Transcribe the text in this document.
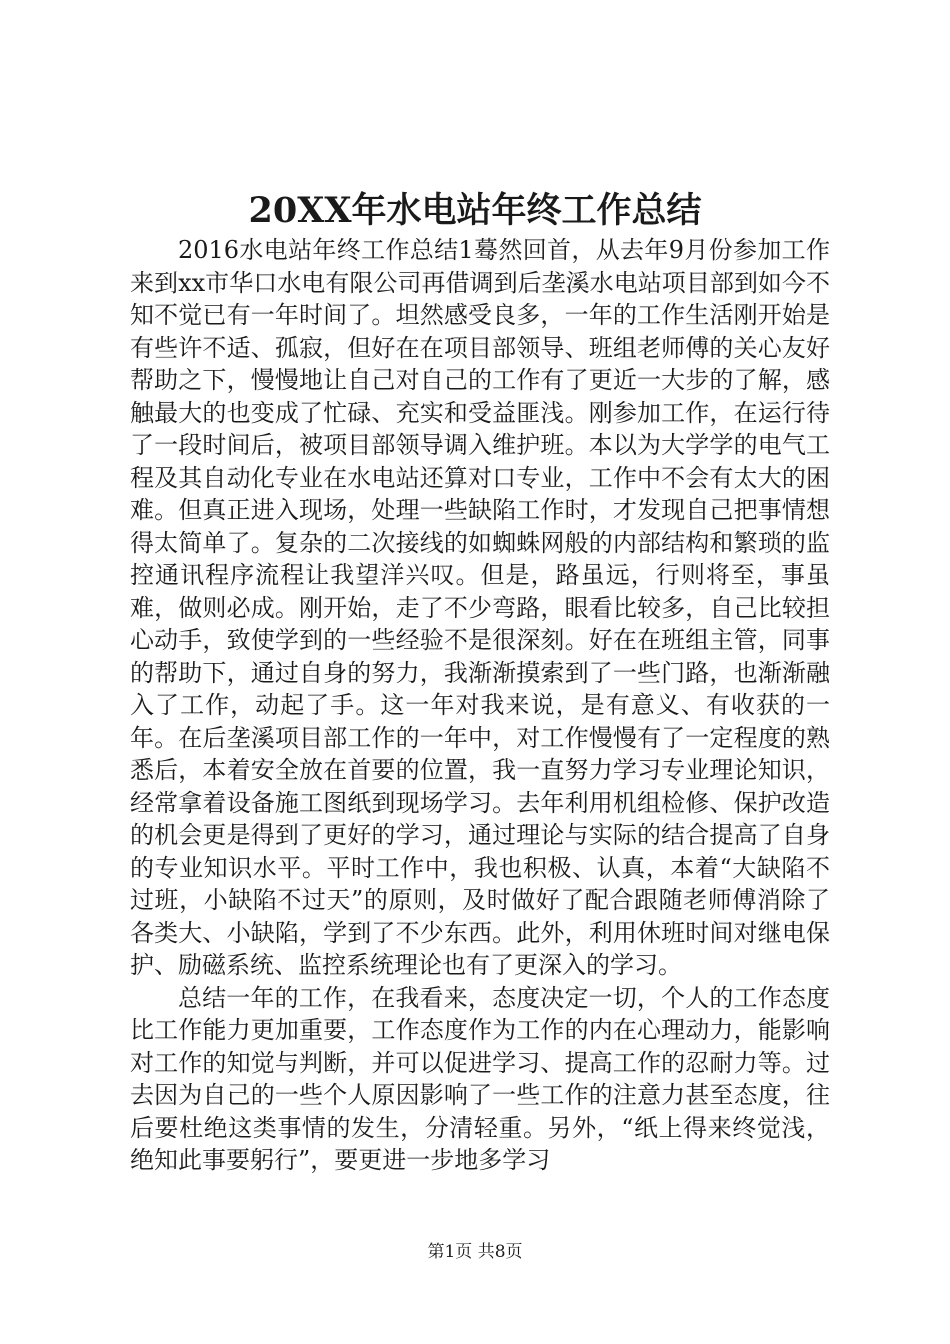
20XX年水电站年终工作总结

2016水电站年终工作总结1蓦然回首，从去年9月份参加工作来到xx市华口水电有限公司再借调到后垄溪水电站项目部到如今不知不觉已有一年时间了。坦然感受良多，一年的工作生活刚开始是有些许不适、孤寂，但好在在项目部领导、班组老师傅的关心友好帮助之下，慢慢地让自己对自己的工作有了更近一大步的了解，感触最大的也变成了忙碌、充实和受益匪浅。刚参加工作，在运行待了一段时间后，被项目部领导调入维护班。本以为大学学的电气工程及其自动化专业在水电站还算对口专业，工作中不会有太大的困难。但真正进入现场，处理一些缺陷工作时，才发现自己把事情想得太简单了。复杂的二次接线的如蜘蛛网般的内部结构和繁琐的监控通讯程序流程让我望洋兴叹。但是，路虽远，行则将至，事虽难，做则必成。刚开始，走了不少弯路，眼看比较多，自己比较担心动手，致使学到的一些经验不是很深刻。好在在班组主管，同事的帮助下，通过自身的努力，我渐渐摸索到了一些门路，也渐渐融入了工作，动起了手。这一年对我来说，是有意义、有收获的一年。在后垄溪项目部工作的一年中，对工作慢慢有了一定程度的熟悉后，本着安全放在首要的位置，我一直努力学习专业理论知识，经常拿着设备施工图纸到现场学习。去年利用机组检修、保护改造的机会更是得到了更好的学习，通过理论与实际的结合提高了自身的专业知识水平。平时工作中，我也积极、认真，本着“大缺陷不过班，小缺陷不过天”的原则，及时做好了配合跟随老师傅消除了各类大、小缺陷，学到了不少东西。此外，利用休班时间对继电保护、励磁系统、监控系统理论也有了更深入的学习。

总结一年的工作，在我看来，态度决定一切，个人的工作态度比工作能力更加重要，工作态度作为工作的内在心理动力，能影响对工作的知觉与判断，并可以促进学习、提高工作的忍耐力等。过去因为自己的一些个人原因影响了一些工作的注意力甚至态度，往后要杜绝这类事情的发生，分清轻重。另外，“纸上得来终觉浅，绝知此事要躬行”，要更进一步地多学习

第1页 共8页
